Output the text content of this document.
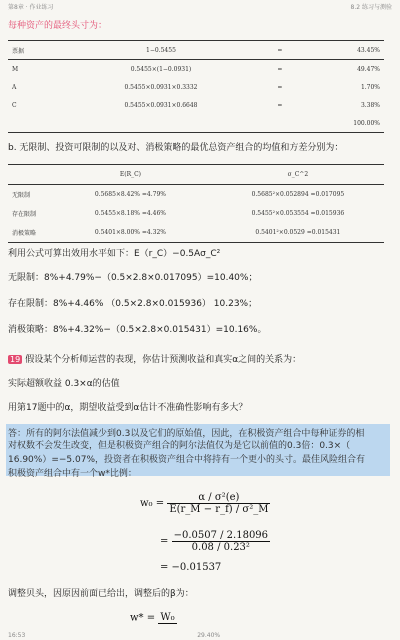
第8章 · 作业练习	8.2 练习与测验
每种资产的最终头寸为：
票据	1−0.5455	=	43.45%
M	0.5455×(1−0.0931)	=	49.47%
A	0.5455×0.0931×0.3332	=	1.70%
C	0.5455×0.0931×0.6648	=	3.38%
			100.00%
b. 无限制、投资可限制的以及对、消极策略的最优总资产组合的均值和方差分别为：
	E(R_C)		σ_C^2
无限制	0.5685×8.42% =4.79%		0.5685²×0.052894 =0.017095
存在限制	0.5455×8.18% =4.46%		0.5455²×0.053554 =0.015936
消极策略	0.5401×8.00% =4.32%		0.5401²×0.0529 =0.015431
利用公式可算出效用水平如下：E（r_C）−0.5Aσ_C²
无限制：8%+4.79%−（0.5×2.8×0.017095）=10.40%；
存在限制：8%+4.46% （0.5×2.8×0.015936） 10.23%；
消极策略：8%+4.32%−（0.5×2.8×0.015431）=10.16%。
19 假设某个分析师运营的表现，你估计预测收益和真实α之间的关系为：
实际超额收益 0.3×α的估值
用第17题中的α，期望收益受到α估计不准确性影响有多大？
答：所有的阿尔法值减少到0.3以及它们的原始值，因此，在积极资产组合中每种证券的相
对权数不会发生改变，但是积极资产组合的阿尔法值仅为是它以前值的0.3倍：0.3×（
16.90%）=−5.07%，投资者在积极资产组合中将持有一个更小的头寸。最佳风险组合有
积极资产组合中有一个w*比例：
$w_0 = \frac{\text{α / σ²(e)}}{\text{E(r\_M − r\_f) / σ²\_M}}$
= $\frac{-0.0507 / 2.18096}{\text{0.08 / 0.23²}}$
= −0.01537
调整贝头，因原因前面已给出，调整后的β为：
w* = W₀
16:53	29.40%
